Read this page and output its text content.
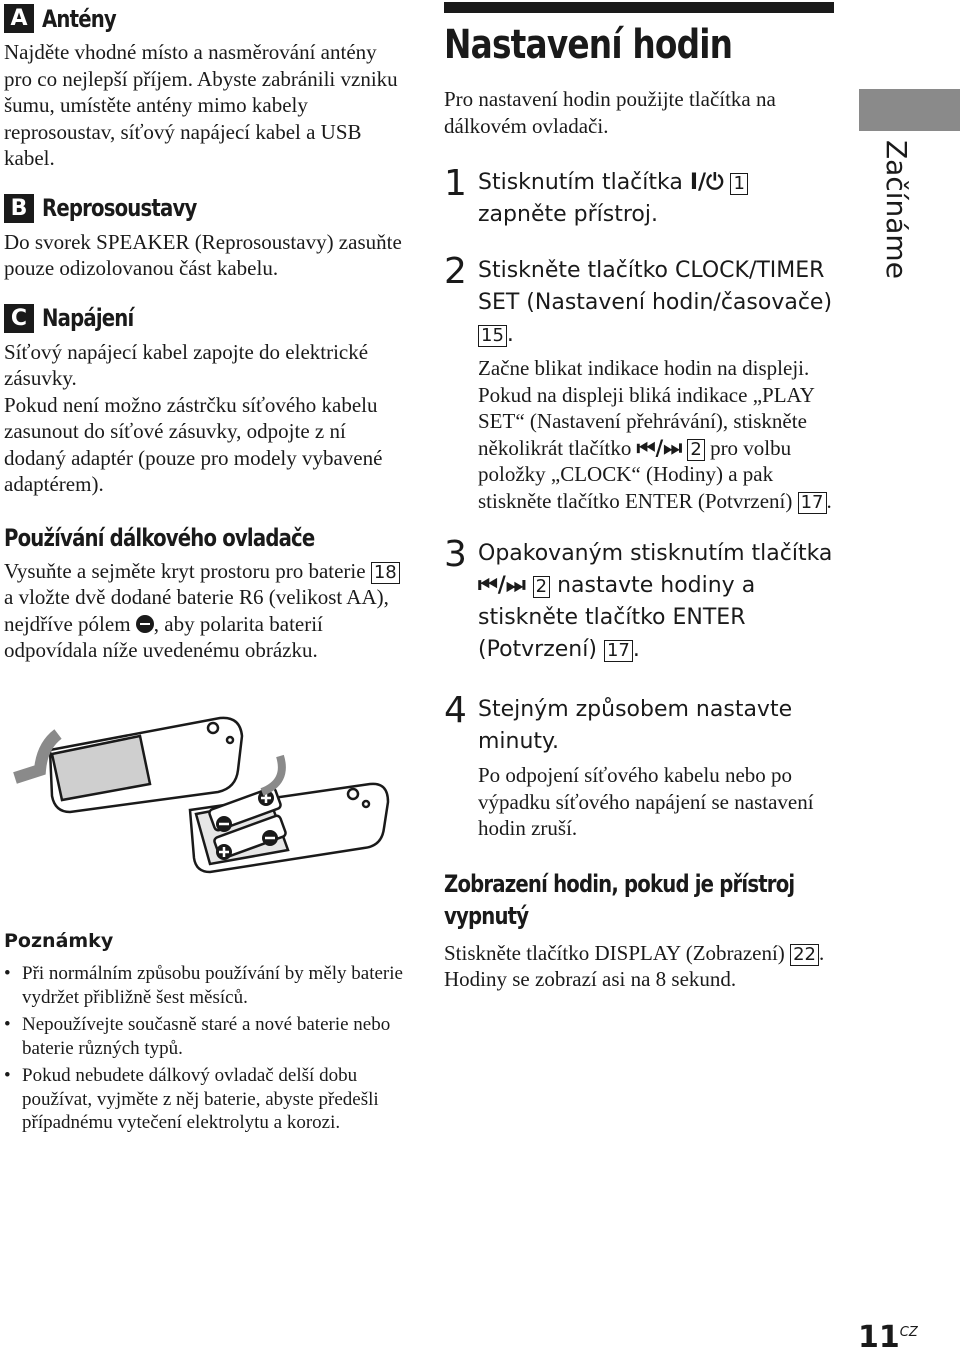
A Antény
Najděte vhodné místo a nasměrování antény pro co nejlepší příjem. Abyste zabránili vzniku šumu, umístěte antény mimo kabely reprosoustav, síťový napájecí kabel a USB kabel.
B Reprosoustavy
Do svorek SPEAKER (Reprosoustavy) zasuňte pouze odizolovanou část kabelu.
C Napájení
Síťový napájecí kabel zapojte do elektrické zásuvky.
Pokud není možno zástrčku síťového kabelu zasunout do síťové zásuvky, odpojte z ní dodaný adaptér (pouze pro modely vybavené adaptérem).
Používání dálkového ovladače
Vysuňte a sejměte kryt prostoru pro baterie 18 a vložte dvě dodané baterie R6 (velikost AA), nejdříve pólem , aby polarita baterií odpovídala níže uvedenému obrázku.
Poznámky
• Při normálním způsobu používání by měly baterie vydržet přibližně šest měsíců.
• Nepoužívejte současně staré a nové baterie nebo baterie různých typů.
• Pokud nebudete dálkový ovladač delší dobu používat, vyjměte z něj baterie, abyste předešli případnému vytečení elektrolytu a korozi.
Nastavení hodin
Pro nastavení hodin použijte tlačítka na dálkovém ovladači.
1 Stisknutím tlačítka I/⏻ 1 zapněte přístroj.
2 Stiskněte tlačítko CLOCK/TIMER SET (Nastavení hodin/časovače) 15 .
Začne blikat indikace hodin na displeji.
Pokud na displeji bliká indikace „PLAY SET“ (Nastavení přehrávání), stiskněte několikrát tlačítko ⏮/⏭ 2 pro volbu položky „CLOCK“ (Hodiny) a pak stiskněte tlačítko ENTER (Potvrzení) 17 .
3 Opakovaným stisknutím tlačítka ⏮/⏭ 2 nastavte hodiny a stiskněte tlačítko ENTER (Potvrzení) 17 .
4 Stejným způsobem nastavte minuty.
Po odpojení síťového kabelu nebo po výpadku síťového napájení se nastavení hodin zruší.
Zobrazení hodin, pokud je přístroj vypnutý
Stiskněte tlačítko DISPLAY (Zobrazení) 22 . Hodiny se zobrazí asi na 8 sekund.
Začínáme
$11^{CZ}$
